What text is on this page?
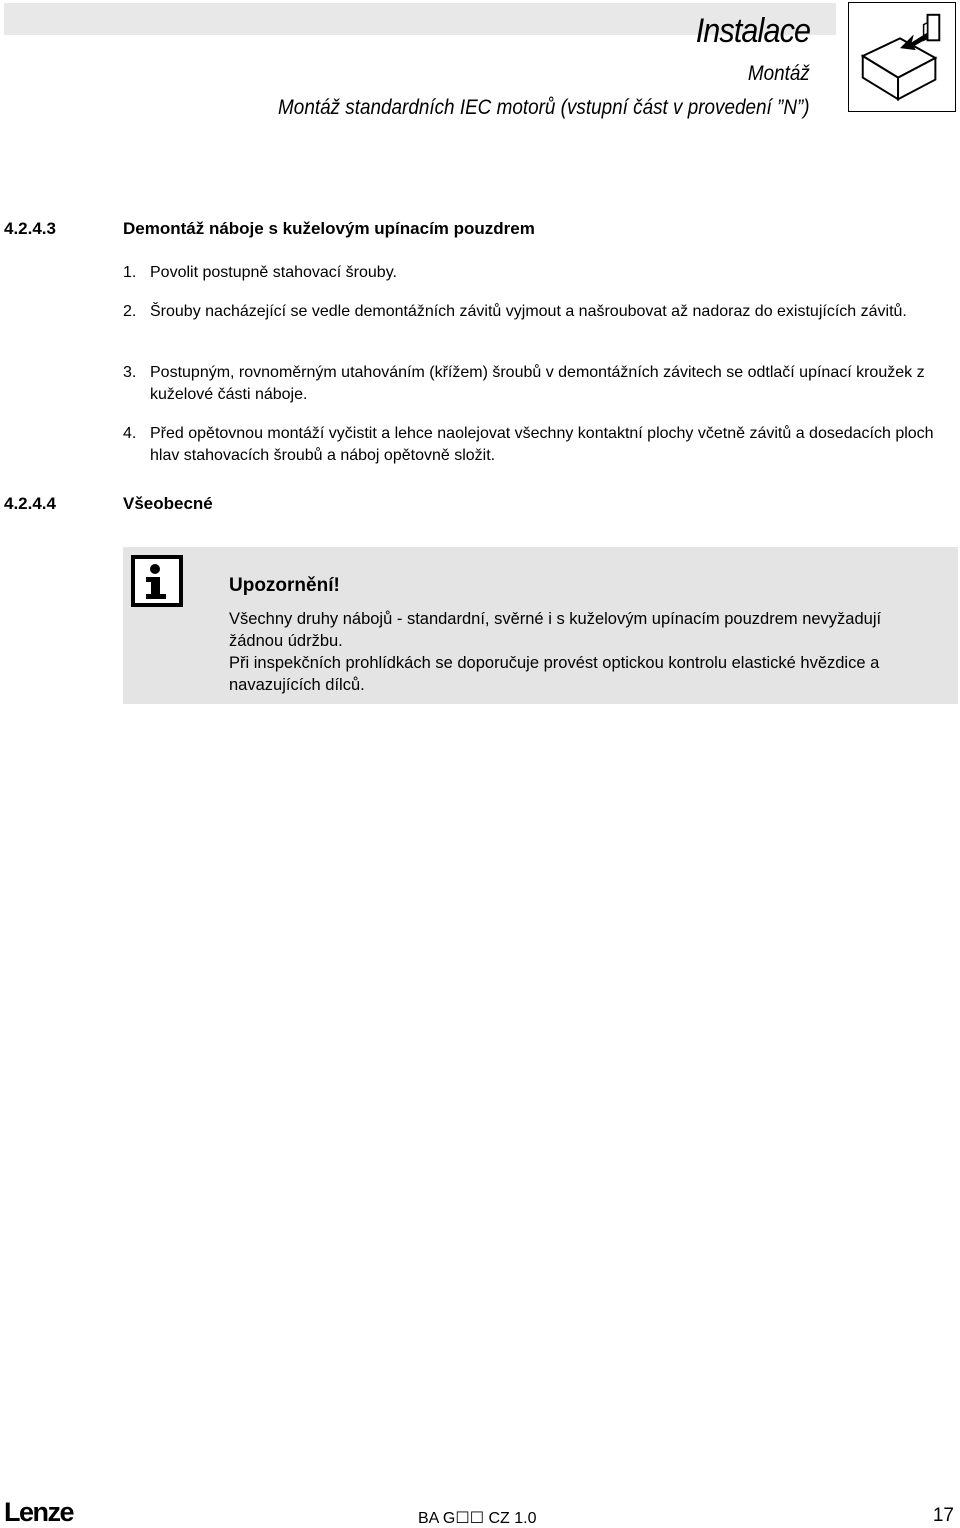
Instalace
Montáž
Montáž standardních IEC motorů (vstupní část v provedení ”N”)
4.2.4.3	Demontáž náboje s kuželovým upínacím pouzdrem
1. Povolit postupně stahovací šrouby.
2. Šrouby nacházející se vedle demontážních závitů vyjmout a našroubovat až nadoraz do existujících závitů.
3. Postupným, rovnoměrným utahováním (křížem) šroubů v demontážních závitech se odtlačí upínací kroužek z kuželové části náboje.
4. Před opětovnou montáží vyčistit a lehce naolejovat všechny kontaktní plochy včetně závitů a dosedacích ploch hlav stahovacích šroubů a náboj opětovně složit.
4.2.4.4	Všeobecné
Upozornění!
Všechny druhy nábojů - standardní, svěrné i s kuželovým upínacím pouzdrem nevyžadují žádnou údržbu.
Při inspekčních prohlídkách se doporučuje provést optickou kontrolu elastické hvězdice a navazujících dílců.
Lenze	BA G☐☐ CZ 1.0	17
